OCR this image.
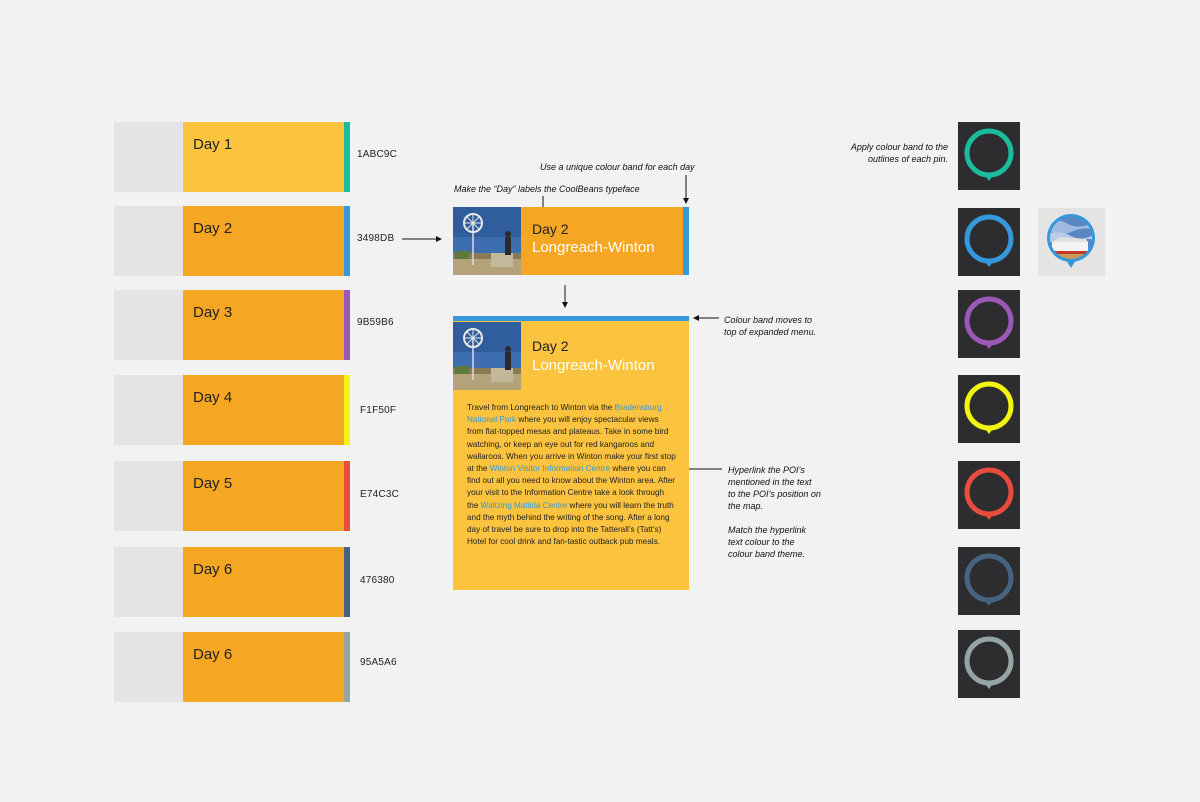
Day 1
1ABC9C
Day 2
3498DB
Day 3
9B59B6
Day 4
F1F50F
Day 5
E74C3C
Day 6
476380
Day 6	95A5A6
Use a unique colour band for each day
Make the “Day” labels the CoolBeans typeface
Colour band moves to
top of expanded menu.
Hyperlink the POI’s
mentioned in the text
to the POI’s position on
the map.
Match the hyperlink
text colour to the
colour band theme.
Apply colour band to the
outlines of each pin.
Day 2
Longreach-Winton
Day 2
Longreach-Winton
Travel from Longreach to Winton via the Bradensburg National Park where you will enjoy spectacular views from flat-topped mesas and plateaus. Take in some bird watching, or keep an eye out for red kangaroos and wallaroos. When you arrive in Winton make your first stop at the Winton Visitor Information Centre where you can find out all you need to know about the Winton area. After your visit to the Information Centre take a look through the Waltzing Matilda Centre where you will learn the truth and the myth behind the writing of the song. After a long day of travel be sure to drop into the Tatterall’s (Tatt’s) Hotel for cool drink and fan-tastic outback pub meals.
